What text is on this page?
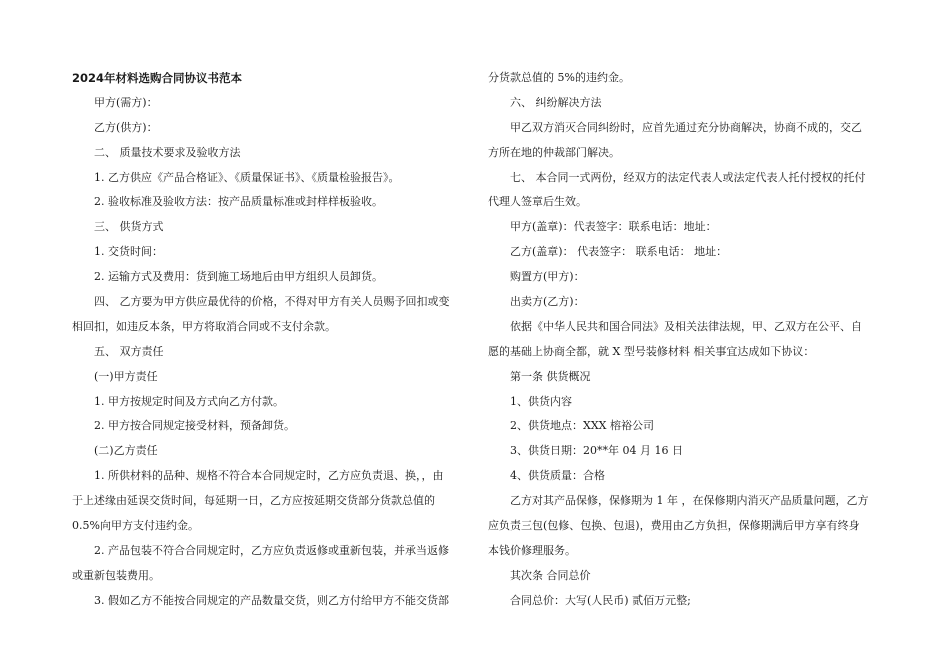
2024年材料选购合同协议书范本
甲方(需方)：
乙方(供方)：
二、 质量技术要求及验收方法
1. 乙方供应《产品合格证》、《质量保证书》、《质量检验报告》。
2. 验收标准及验收方法：按产品质量标准或封样样板验收。
三、 供货方式
1. 交货时间：
2. 运输方式及费用：货到施工场地后由甲方组织人员卸货。
四、 乙方要为甲方供应最优待的价格，不得对甲方有关人员赐予回扣或变
相回扣，如违反本条，甲方将取消合同或不支付余款。
五、 双方责任
(一)甲方责任
1. 甲方按规定时间及方式向乙方付款。
2. 甲方按合同规定接受材料，预备卸货。
(二)乙方责任
1. 所供材料的品种、规格不符合本合同规定时，乙方应负责退、换，，由
于上述缘由延误交货时间，每延期一日，乙方应按延期交货部分货款总值的
0.5%向甲方支付违约金。
2. 产品包装不符合合同规定时，乙方应负责返修或重新包装，并承当返修
或重新包装费用。
3. 假如乙方不能按合同规定的产品数量交货，则乙方付给甲方不能交货部
分货款总值的 5%的违约金。
六、 纠纷解决方法
甲乙双方消灭合同纠纷时，应首先通过充分协商解决，协商不成的，交乙
方所在地的仲裁部门解决。
七、 本合同一式两份，经双方的法定代表人或法定代表人托付授权的托付
代理人签章后生效。
甲方(盖章)：代表签字：联系电话：地址：
乙方(盖章)： 代表签字： 联系电话： 地址：
购置方(甲方)：
出卖方(乙方)：
依据《中华人民共和国合同法》及相关法律法规，甲、乙双方在公平、自
愿的基础上协商全都，就 X 型号装修材料 相关事宜达成如下协议：
第一条 供货概况
1、供货内容
2、供货地点：XXX 榕裕公司
3、供货日期：20**年 04 月 16 日
4、供货质量：合格
乙方对其产品保修，保修期为 1 年 ，在保修期内消灭产品质量问题，乙方
应负责三包(包修、包换、包退)，费用由乙方负担，保修期满后甲方享有终身
本钱价修理服务。
其次条 合同总价
合同总价：大写(人民币) 贰佰万元整;
